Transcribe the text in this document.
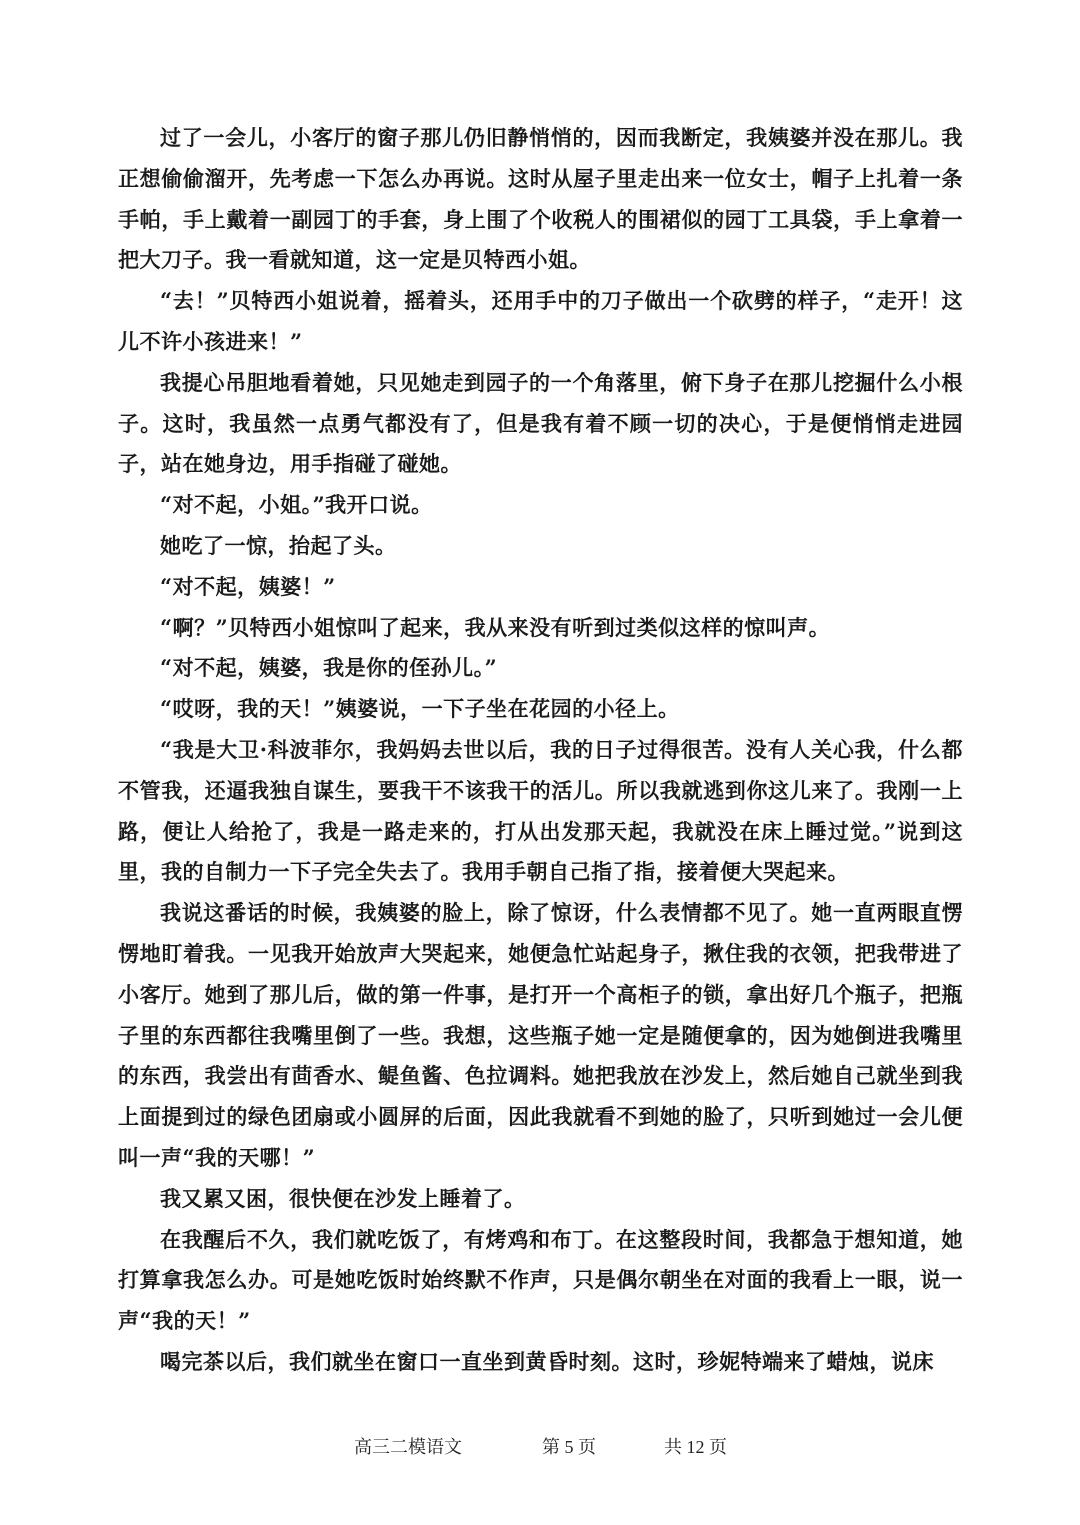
过了一会儿，小客厅的窗子那儿仍旧静悄悄的，因而我断定，我姨婆并没在那儿。我正想偷偷溜开，先考虑一下怎么办再说。这时从屋子里走出来一位女士，帽子上扎着一条手帕，手上戴着一副园丁的手套，身上围了个收税人的围裙似的园丁工具袋，手上拿着一把大刀子。我一看就知道，这一定是贝特西小姐。

“去！”贝特西小姐说着，摇着头，还用手中的刀子做出一个砍劈的样子，“走开！这儿不许小孩进来！”

我提心吊胆地看着她，只见她走到园子的一个角落里，俯下身子在那儿挖掘什么小根子。这时，我虽然一点勇气都没有了，但是我有着不顾一切的决心，于是便悄悄走进园子，站在她身边，用手指碰了碰她。

“对不起，小姐。”我开口说。

她吃了一惊，抬起了头。

“对不起，姨婆！”

“啊？”贝特西小姐惊叫了起来，我从来没有听到过类似这样的惊叫声。

“对不起，姨婆，我是你的侄孙儿。”

“哎呀，我的天！”姨婆说，一下子坐在花园的小径上。

“我是大卫·科波菲尔，我妈妈去世以后，我的日子过得很苦。没有人关心我，什么都不管我，还逼我独自谋生，要我干不该我干的活儿。所以我就逃到你这儿来了。我刚一上路，便让人给抢了，我是一路走来的，打从出发那天起，我就没在床上睡过觉。”说到这里，我的自制力一下子完全失去了。我用手朝自己指了指，接着便大哭起来。

我说这番话的时候，我姨婆的脸上，除了惊讶，什么表情都不见了。她一直两眼直愣愣地盯着我。一见我开始放声大哭起来，她便急忙站起身子，揪住我的衣领，把我带进了小客厅。她到了那儿后，做的第一件事，是打开一个高柜子的锁，拿出好几个瓶子，把瓶子里的东西都往我嘴里倒了一些。我想，这些瓶子她一定是随便拿的，因为她倒进我嘴里的东西，我尝出有茴香水、鳀鱼酱、色拉调料。她把我放在沙发上，然后她自己就坐到我上面提到过的绿色团扇或小圆屏的后面，因此我就看不到她的脸了，只听到她过一会儿便叫一声“我的天哪！”

我又累又困，很快便在沙发上睡着了。

在我醒后不久，我们就吃饭了，有烤鸡和布丁。在这整段时间，我都急于想知道，她打算拿我怎么办。可是她吃饭时始终默不作声，只是偶尔朝坐在对面的我看上一眼，说一声“我的天！”

喝完茶以后，我们就坐在窗口一直坐到黄昏时刻。这时，珍妮特端来了蜡烛，说床

高三二模语文	第 5 页	共 12 页
